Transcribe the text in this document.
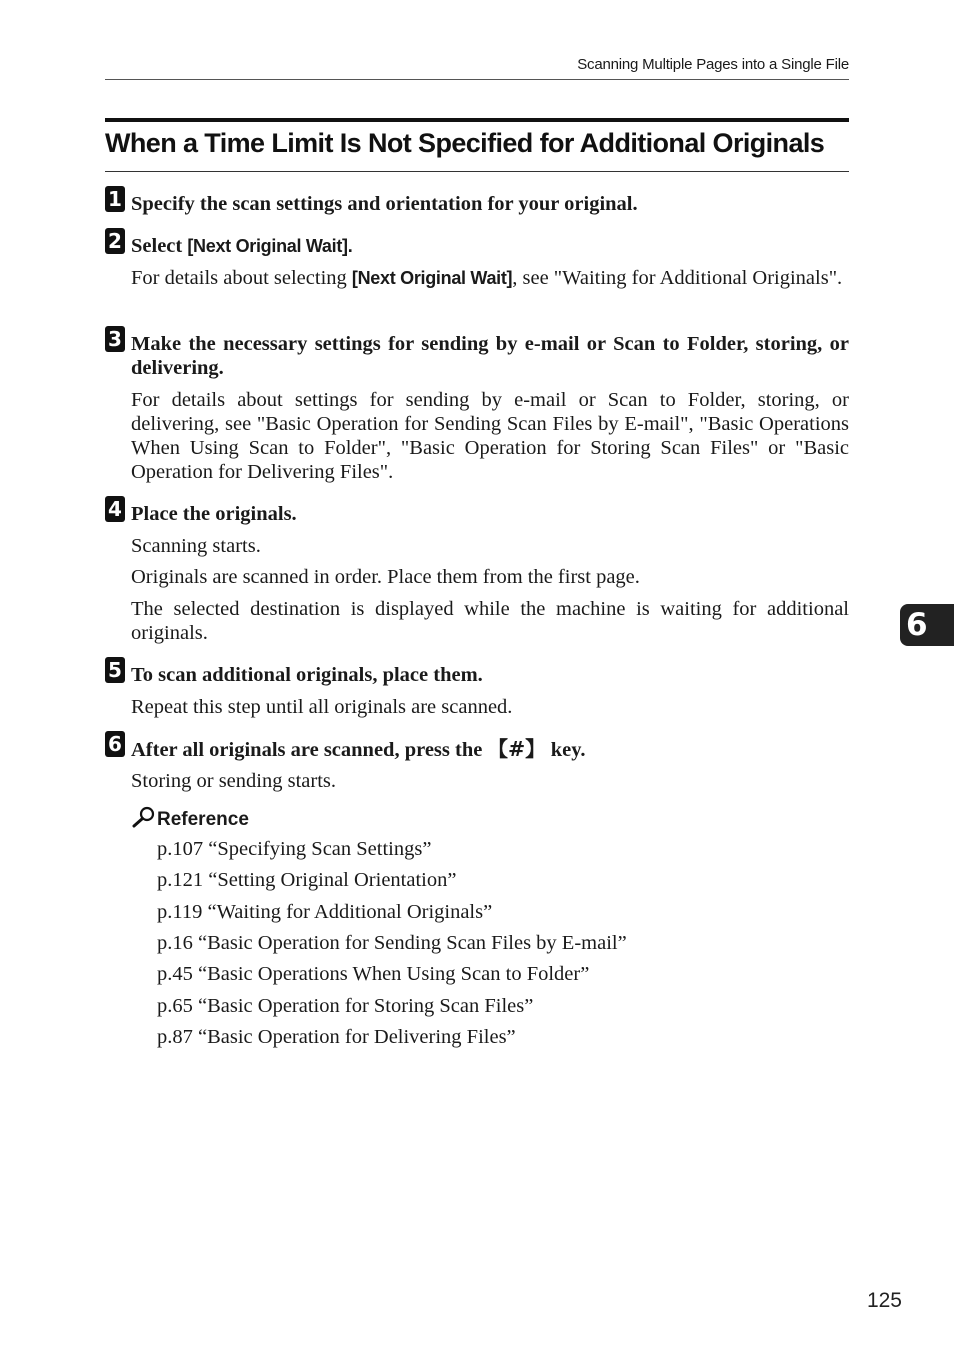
Scanning Multiple Pages into a Single File
When a Time Limit Is Not Specified for Additional Originals
1 Specify the scan settings and orientation for your original.
2 Select [Next Original Wait].
For details about selecting [Next Original Wait], see "Waiting for Additional Originals".
3 Make the necessary settings for sending by e-mail or Scan to Folder, storing, or delivering.
For details about settings for sending by e-mail or Scan to Folder, storing, or delivering, see "Basic Operation for Sending Scan Files by E-mail", "Basic Operations When Using Scan to Folder", "Basic Operation for Storing Scan Files" or "Basic Operation for Delivering Files".
4 Place the originals.
Scanning starts.
Originals are scanned in order. Place them from the first page.
The selected destination is displayed while the machine is waiting for additional originals.
5 To scan additional originals, place them.
Repeat this step until all originals are scanned.
6 After all originals are scanned, press the 【#】 key.
Storing or sending starts.
Reference
p.107 “Specifying Scan Settings”
p.121 “Setting Original Orientation”
p.119 “Waiting for Additional Originals”
p.16 “Basic Operation for Sending Scan Files by E-mail”
p.45 “Basic Operations When Using Scan to Folder”
p.65 “Basic Operation for Storing Scan Files”
p.87 “Basic Operation for Delivering Files”
6
125
